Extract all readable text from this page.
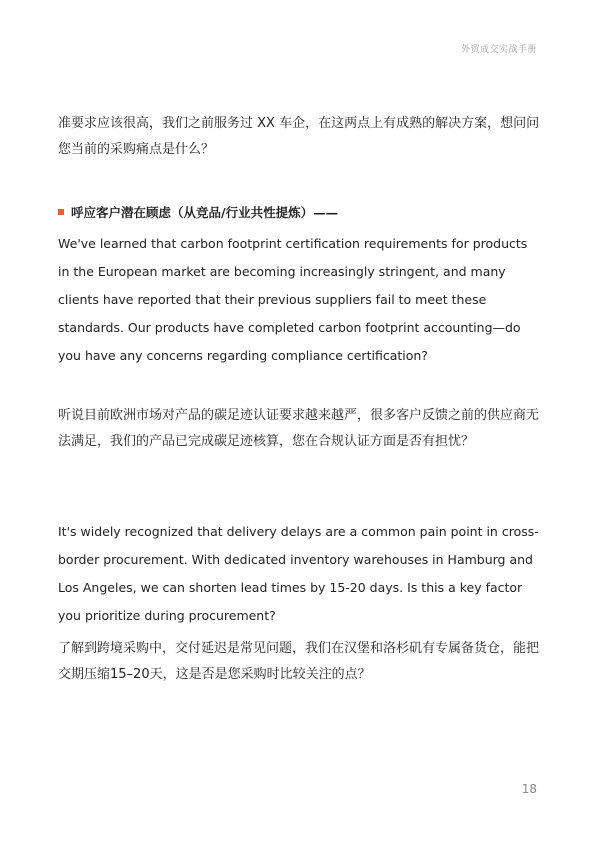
外贸成交实战手册

准要求应该很高，我们之前服务过 XX 车企，在这两点上有成熟的解决方案，想问问您当前的采购痛点是什么？

呼应客户潜在顾虑（从竞品/行业共性提炼）——

We've learned that carbon footprint certification requirements for products in the European market are becoming increasingly stringent, and many clients have reported that their previous suppliers fail to meet these standards. Our products have completed carbon footprint accounting—do you have any concerns regarding compliance certification?

听说目前欧洲市场对产品的碳足迹认证要求越来越严，很多客户反馈之前的供应商无法满足，我们的产品已完成碳足迹核算，您在合规认证方面是否有担忧？

It's widely recognized that delivery delays are a common pain point in cross-border procurement. With dedicated inventory warehouses in Hamburg and Los Angeles, we can shorten lead times by 15-20 days. Is this a key factor you prioritize during procurement?

了解到跨境采购中，交付延迟是常见问题，我们在汉堡和洛杉矶有专属备货仓，能把交期压缩15–20天，这是否是您采购时比较关注的点？

18
